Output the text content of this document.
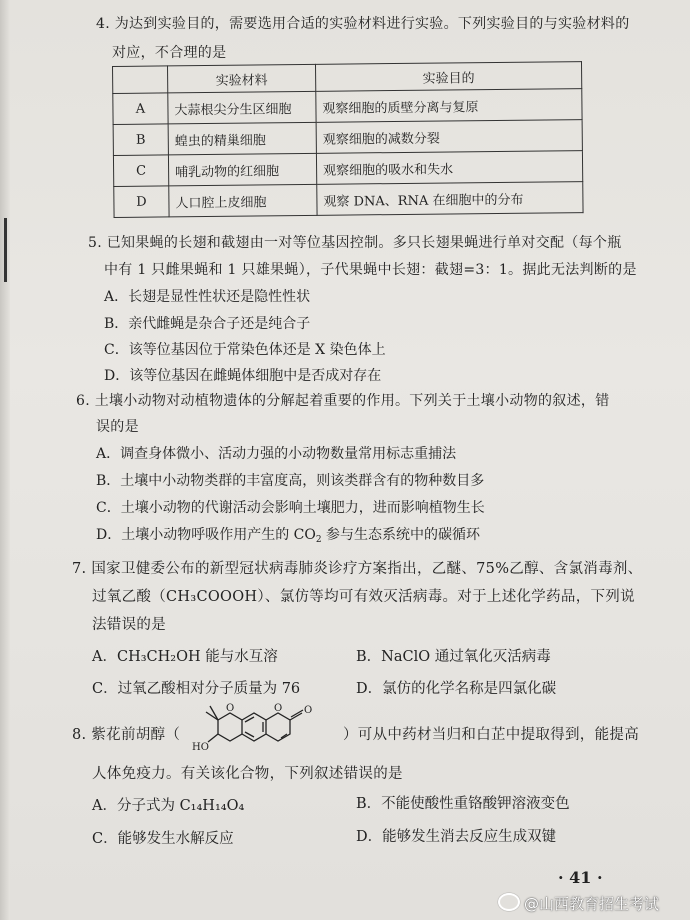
4. 为达到实验目的，需要选用合适的实验材料进行实验。下列实验目的与实验材料的
对应，不合理的是
	实验材料	实验目的
A	大蒜根尖分生区细胞	观察细胞的质壁分离与复原
B	蝗虫的精巢细胞	观察细胞的减数分裂
C	哺乳动物的红细胞	观察细胞的吸水和失水
D	人口腔上皮细胞	观察 DNA、RNA 在细胞中的分布
5. 已知果蝇的长翅和截翅由一对等位基因控制。多只长翅果蝇进行单对交配（每个瓶
中有 1 只雌果蝇和 1 只雄果蝇），子代果蝇中长翅：截翅=3：1。据此无法判断的是
A．长翅是显性性状还是隐性性状
B．亲代雌蝇是杂合子还是纯合子
C．该等位基因位于常染色体还是 X 染色体上
D．该等位基因在雌蝇体细胞中是否成对存在
6. 土壤小动物对动植物遗体的分解起着重要的作用。下列关于土壤小动物的叙述，错
误的是
A．调查身体微小、活动力强的小动物数量常用标志重捕法
B．土壤中小动物类群的丰富度高，则该类群含有的物种数目多
C．土壤小动物的代谢活动会影响土壤肥力，进而影响植物生长
D．土壤小动物呼吸作用产生的 $CO_2$ 参与生态系统中的碳循环
7. 国家卫健委公布的新型冠状病毒肺炎诊疗方案指出，乙醚、75%乙醇、含氯消毒剂、
过氧乙酸（CH₃COOOH）、氯仿等均可有效灭活病毒。对于上述化学药品，下列说
法错误的是
A．CH₃CH₂OH 能与水互溶	B．NaClO 通过氧化灭活病毒
C．过氧乙酸相对分子质量为 76	D．氯仿的化学名称是四氯化碳
8. 紫花前胡醇（
O	O O
HO
）可从中药材当归和白芷中提取得到，能提高
人体免疫力。有关该化合物，下列叙述错误的是
A．分子式为 C₁₄H₁₄O₄	B．不能使酸性重铬酸钾溶液变色
C．能够发生水解反应	D．能够发生消去反应生成双键
· 41 ·
@山西教育招生考试
